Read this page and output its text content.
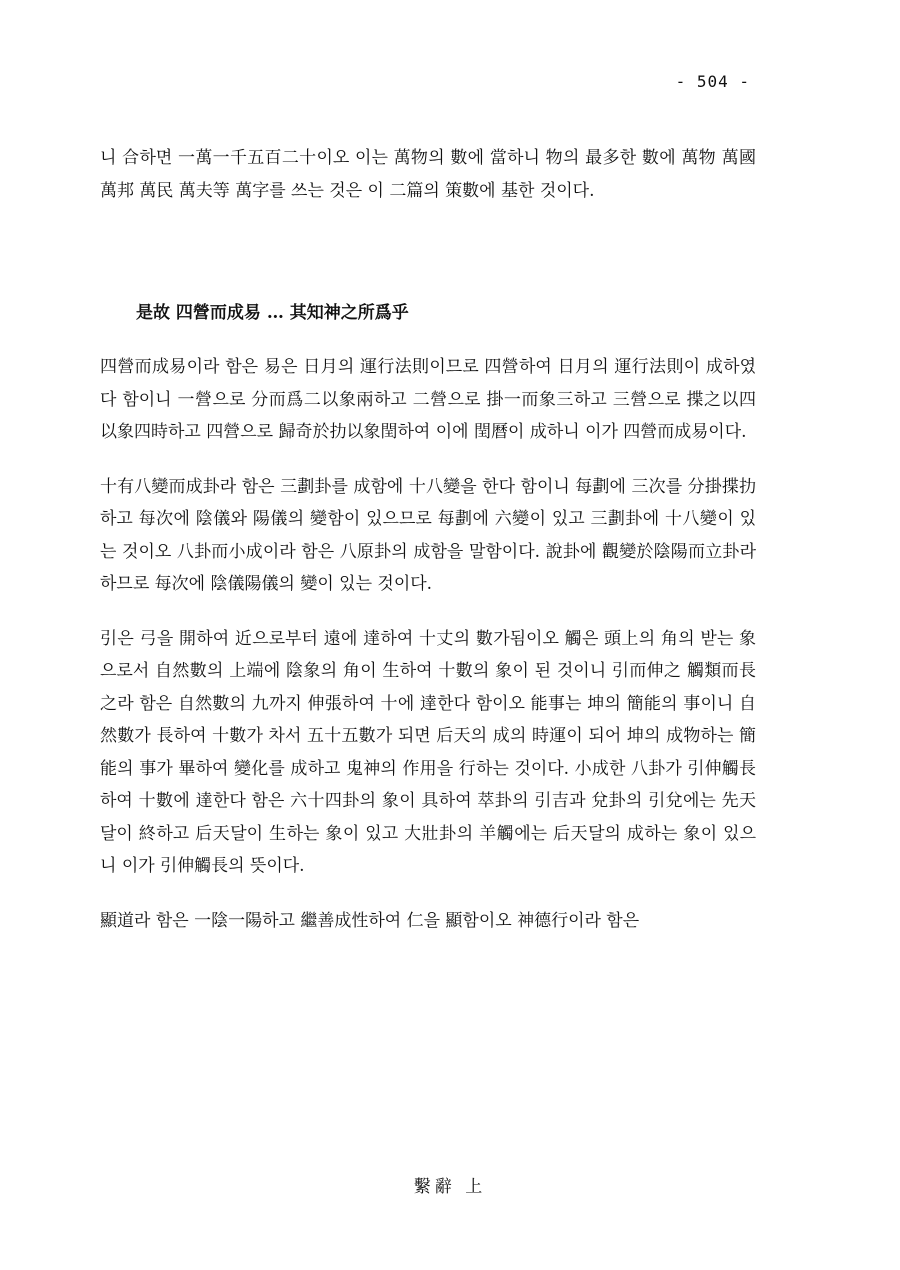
- 504 -

니 合하면 一萬一千五百二十이오 이는 萬物의 數에 當하니 物의 最多한 數에 萬物 萬國 萬邦 萬民 萬夫等 萬字를 쓰는 것은 이 二篇의 策數에 基한 것이다.

是故 四營而成易 … 其知神之所爲乎

四營而成易이라 함은 易은 日月의 運行法則이므로 四營하여 日月의 運行法則이 成하였다 함이니 一營으로 分而爲二以象兩하고 二營으로 掛一而象三하고 三營으로 揲之以四以象四時하고 四營으로 歸奇於扐以象閏하여 이에 閏曆이 成하니 이가 四營而成易이다.

十有八變而成卦라 함은 三劃卦를 成함에 十八變을 한다 함이니 每劃에 三次를 分掛揲扐하고 每次에 陰儀와 陽儀의 變함이 있으므로 每劃에 六變이 있고 三劃卦에 十八變이 있는 것이오 八卦而小成이라 함은 八原卦의 成함을 말함이다. 說卦에 觀變於陰陽而立卦라 하므로 每次에 陰儀陽儀의 變이 있는 것이다.

引은 弓을 開하여 近으로부터 遠에 達하여 十丈의 數가됨이오 觸은 頭上의 角의 받는 象으로서 自然數의 上端에 陰象의 角이 生하여 十數의 象이 된 것이니 引而伸之 觸類而長之라 함은 自然數의 九까지 伸張하여 十에 達한다 함이오 能事는 坤의 簡能의 事이니 自然數가 長하여 十數가 차서 五十五數가 되면 后天의 成의 時運이 되어 坤의 成物하는 簡能의 事가 畢하여 變化를 成하고 鬼神의 作用을 行하는 것이다. 小成한 八卦가 引伸觸長하여 十數에 達한다 함은 六十四卦의 象이 具하여 萃卦의 引吉과 兌卦의 引兌에는 先天달이 終하고 后天달이 生하는 象이 있고 大壯卦의 羊觸에는 后天달의 成하는 象이 있으니 이가 引伸觸長의 뜻이다.

顯道라 함은 一陰一陽하고 繼善成性하여 仁을 顯함이오 神德行이라 함은

繫辭 上
